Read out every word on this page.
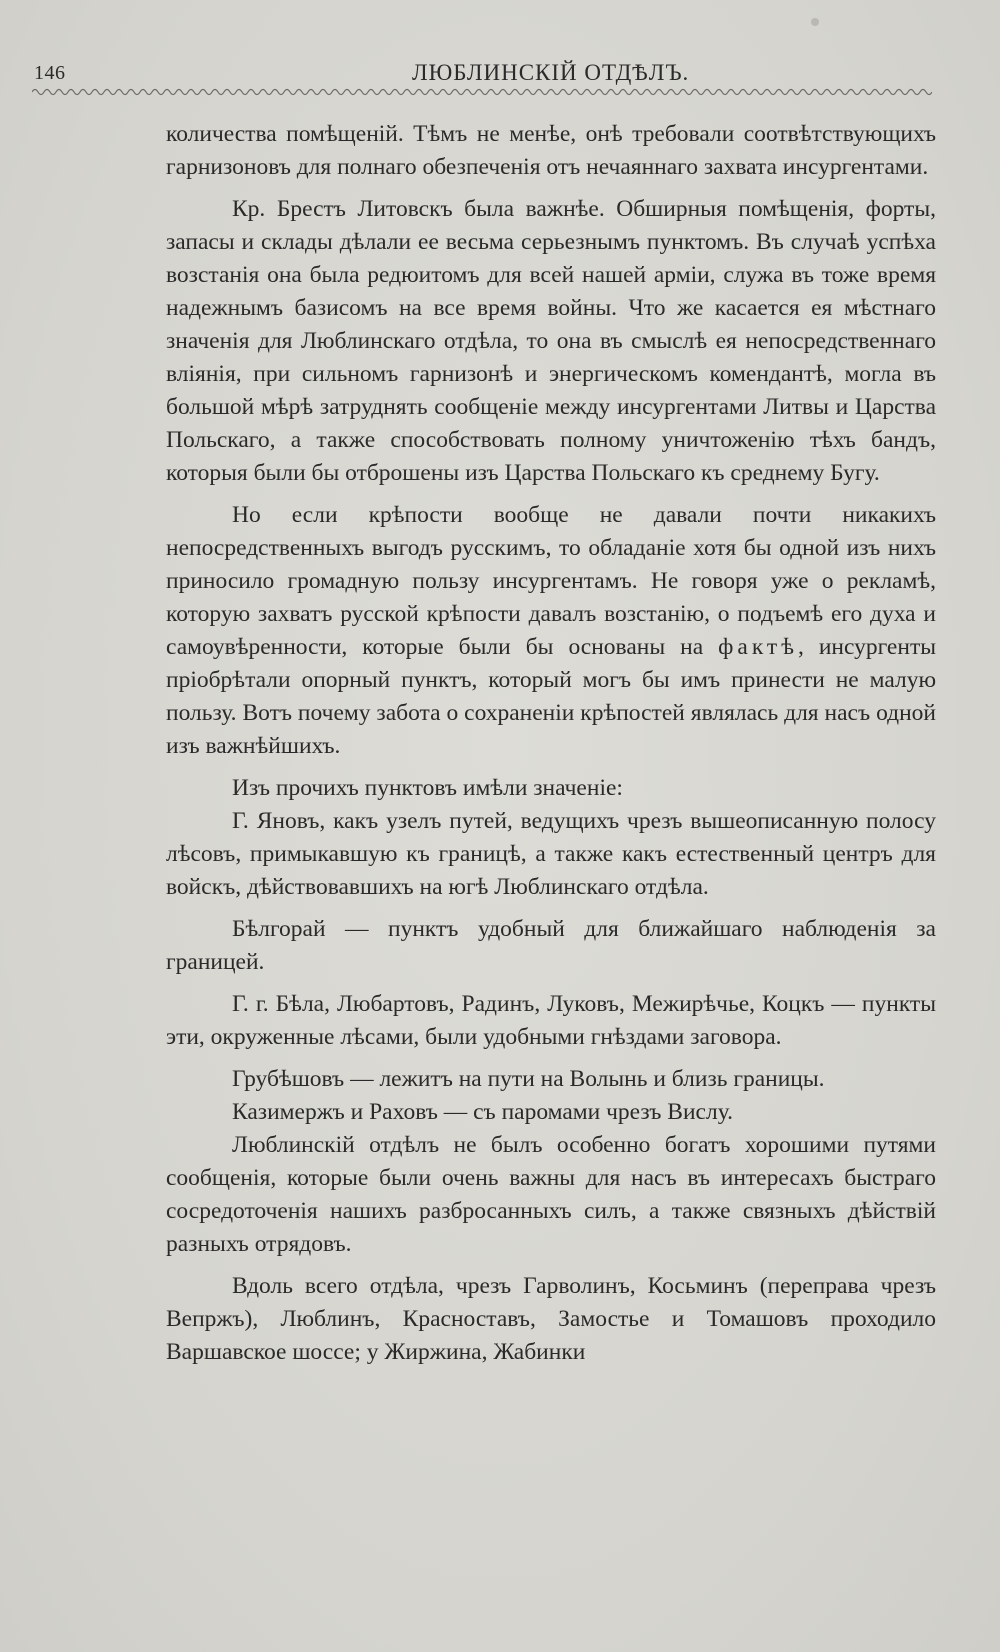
146	ЛЮБЛИНСКІЙ ОТДѢЛЪ.

количества помѣщеній. Тѣмъ не менѣе, онѣ требовали соотвѣтствующихъ гарнизоновъ для полнаго обезпеченія отъ нечаяннаго захвата инсургентами.

Кр. Брестъ Литовскъ была важнѣе. Обширныя помѣщенія, форты, запасы и склады дѣлали ее весьма серьезнымъ пунктомъ. Въ случаѣ успѣха возстанія она была редюитомъ для всей нашей арміи, служа въ тоже время надежнымъ базисомъ на все время войны. Что же касается ея мѣстнаго значенія для Люблинскаго отдѣла, то она въ смыслѣ ея непосредственнаго вліянія, при сильномъ гарнизонѣ и энергическомъ комендантѣ, могла въ большой мѣрѣ затруднять сообщеніе между инсургентами Литвы и Царства Польскаго, а также способствовать полному уничтоженію тѣхъ бандъ, которыя были бы отброшены изъ Царства Польскаго къ среднему Бугу.

Но если крѣпости вообще не давали почти никакихъ непосредственныхъ выгодъ русскимъ, то обладаніе хотя бы одной изъ нихъ приносило громадную пользу инсургентамъ. Не говоря уже о рекламѣ, которую захватъ русской крѣпости давалъ возстанію, о подъемѣ его духа и самоувѣренности, которые были бы основаны на фактѣ, инсургенты пріобрѣтали опорный пунктъ, который могъ бы имъ принести не малую пользу. Вотъ почему забота о сохраненіи крѣпостей являлась для насъ одной изъ важнѣйшихъ.

Изъ прочихъ пунктовъ имѣли значеніе:

Г. Яновъ, какъ узелъ путей, ведущихъ чрезъ вышеописанную полосу лѣсовъ, примыкавшую къ границѣ, а также какъ естественный центръ для войскъ, дѣйствовавшихъ на югѣ Люблинскаго отдѣла.

Бѣлгорай — пунктъ удобный для ближайшаго наблюденія за границей.

Г. г. Бѣла, Любартовъ, Радинъ, Луковъ, Межирѣчье, Коцкъ — пункты эти, окруженные лѣсами, были удобными гнѣздами заговора.

Грубѣшовъ — лежитъ на пути на Волынь и близь границы.

Казимержъ и Раховъ — съ паромами чрезъ Вислу.

Люблинскій отдѣлъ не былъ особенно богатъ хорошими путями сообщенія, которые были очень важны для насъ въ интересахъ быстраго сосредоточенія нашихъ разбросанныхъ силъ, а также связныхъ дѣйствій разныхъ отрядовъ.

Вдоль всего отдѣла, чрезъ Гарволинъ, Косьминъ (переправа чрезъ Вепржъ), Люблинъ, Красноставъ, Замостье и Томашовъ проходило Варшавское шоссе; у Жиржина, Жабинки
